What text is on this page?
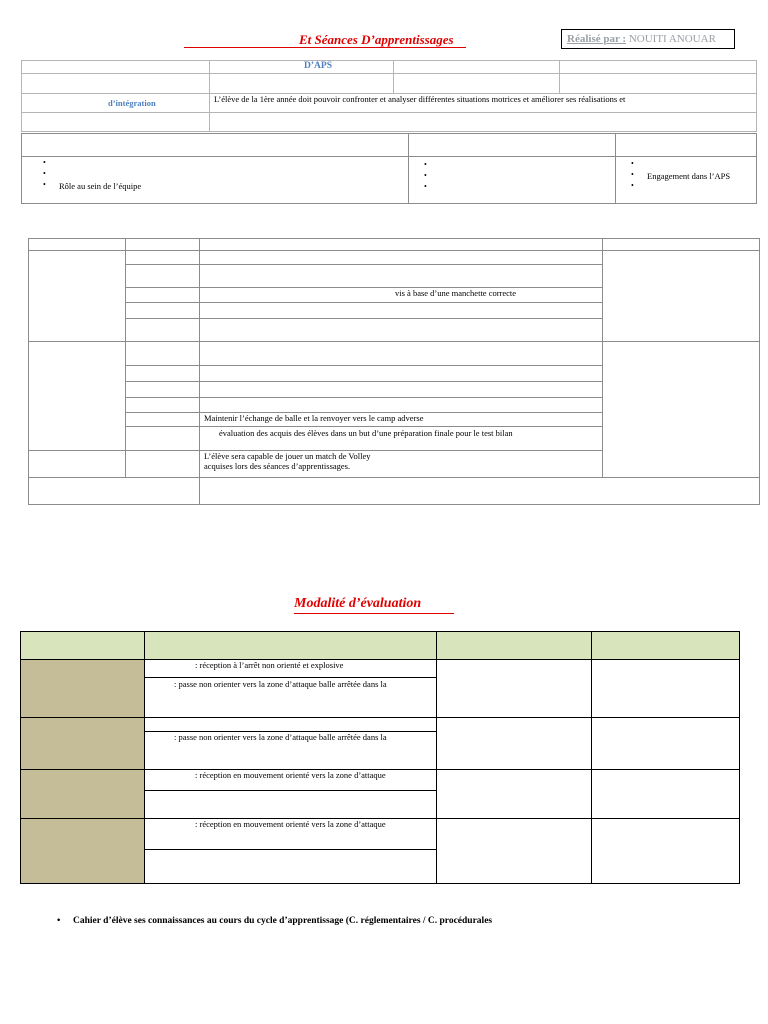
Et Séances D’apprentissages	Réalisé par : NOUITI ANOUAR
D’APS
d’intégration	L’élève de la 1ère année doit pouvoir confronter et analyser différentes situations motrices et améliorer ses réalisations et
•
•
• Rôle au sein de l’équipe
•
•
•
•
•
•
Engagement dans l’APS
vis à base d’une manchette correcte
Maintenir l’échange de balle et la renvoyer vers le camp adverse
évaluation des acquis des élèves dans un but d’une préparation finale pour le test bilan
L’élève sera capable de jouer un match de Volley
acquises lors des séances d’apprentissages.
Modalité d’évaluation
: réception à l’arrêt non orienté et explosive
: passe non orienter vers la zone d’attaque balle arrêtée dans la
: passe non orienter vers la zone d’attaque balle arrêtée dans la
: réception en mouvement orienté vers la zone d’attaque
: réception en mouvement orienté vers la zone d’attaque
• Cahier d’élève ses connaissances au cours du cycle d’apprentissage (C. réglementaires / C. procédurales
